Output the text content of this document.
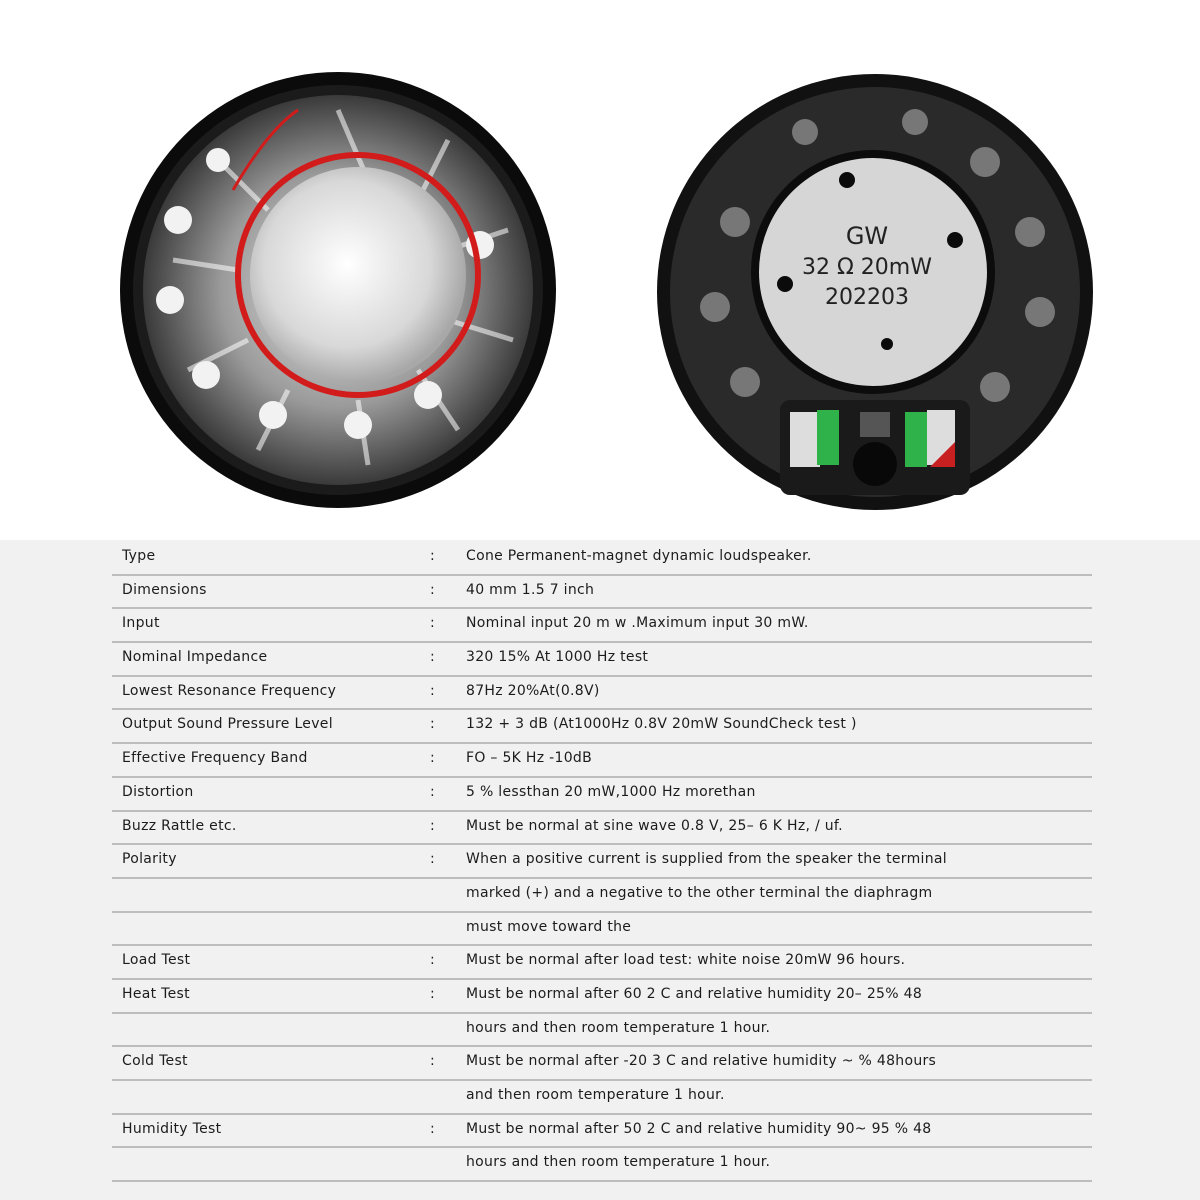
GW
32 Ω 20mW
202203
Type	: Cone Permanent-magnet dynamic loudspeaker.
Dimensions	: 40 mm 1.5 7 inch
Input	: Nominal input 20 m w .Maximum input 30 mW.
Nominal Impedance	: 320 15% At 1000 Hz test
Lowest Resonance Frequency	: 87Hz 20%At(0.8V)
Output Sound Pressure Level	: 132 + 3 dB (At1000Hz 0.8V 20mW SoundCheck test )
Effective Frequency Band	: FO – 5K Hz -10dB
Distortion	: 5 % lessthan 20 mW,1000 Hz morethan
Buzz Rattle etc.	: Must be normal at sine wave 0.8 V, 25– 6 K Hz, / uf.
Polarity	: When a positive current is supplied from the speaker the terminal
marked (+) and a negative to the other terminal the diaphragm
must move toward the
Load Test	: Must be normal after load test: white noise 20mW 96 hours.
Heat Test	: Must be normal after 60 2 C and relative humidity 20– 25% 48
hours and then room temperature 1 hour.
Cold Test	: Must be normal after -20 3 C and relative humidity ~ % 48hours
and then room temperature 1 hour.
Humidity Test	: Must be normal after 50 2 C and relative humidity 90~ 95 % 48
hours and then room temperature 1 hour.
